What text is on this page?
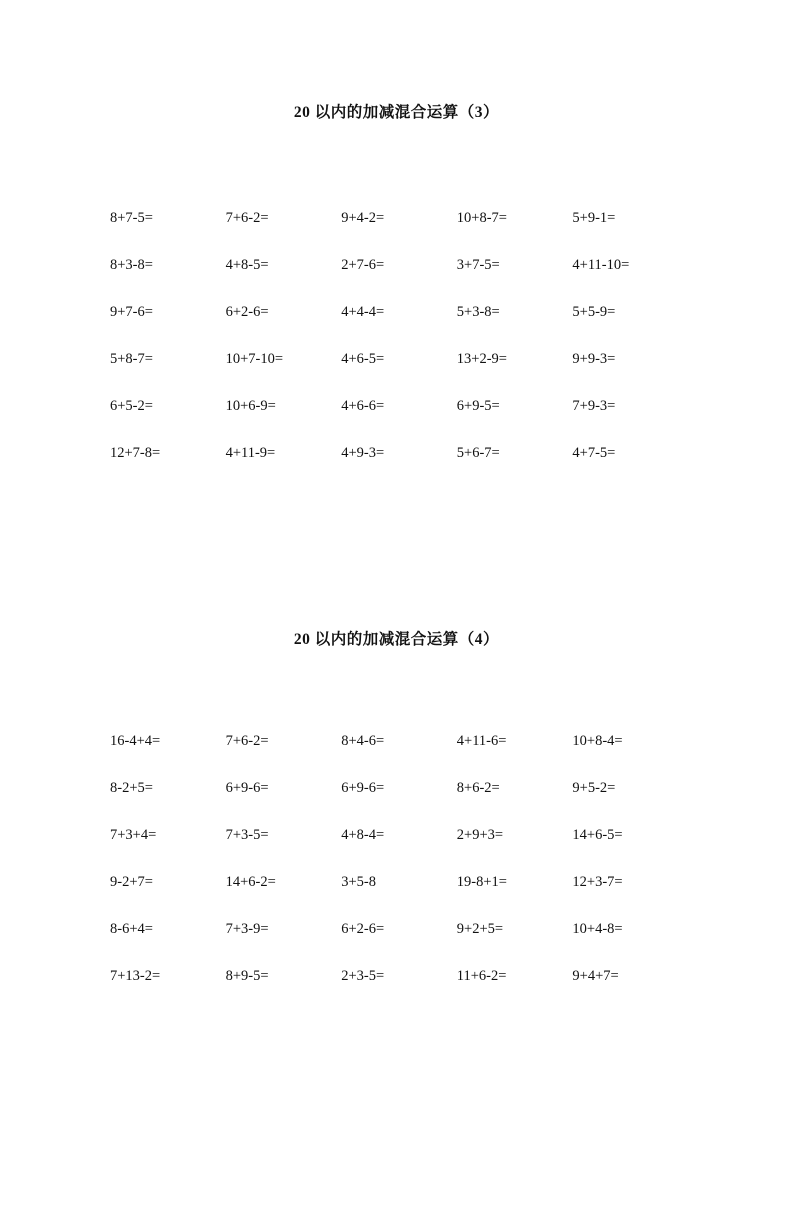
20 以内的加减混合运算（3）
8+7-5=	7+6-2=	9+4-2=	10+8-7=	5+9-1=
8+3-8=	4+8-5=	2+7-6=	3+7-5=	4+11-10=
9+7-6=	6+2-6=	4+4-4=	5+3-8=	5+5-9=
5+8-7=	10+7-10=	4+6-5=	13+2-9=	9+9-3=
6+5-2=	10+6-9=	4+6-6=	6+9-5=	7+9-3=
12+7-8=	4+11-9=	4+9-3=	5+6-7=	4+7-5=
20 以内的加减混合运算（4）
16-4+4=	7+6-2=	8+4-6=	4+11-6=	10+8-4=
8-2+5=	6+9-6=	6+9-6=	8+6-2=	9+5-2=
7+3+4=	7+3-5=	4+8-4=	2+9+3=	14+6-5=
9-2+7=	14+6-2=	3+5-8	19-8+1=	12+3-7=
8-6+4=	7+3-9=	6+2-6=	9+2+5=	10+4-8=
7+13-2=	8+9-5=	2+3-5=	11+6-2=	9+4+7=
